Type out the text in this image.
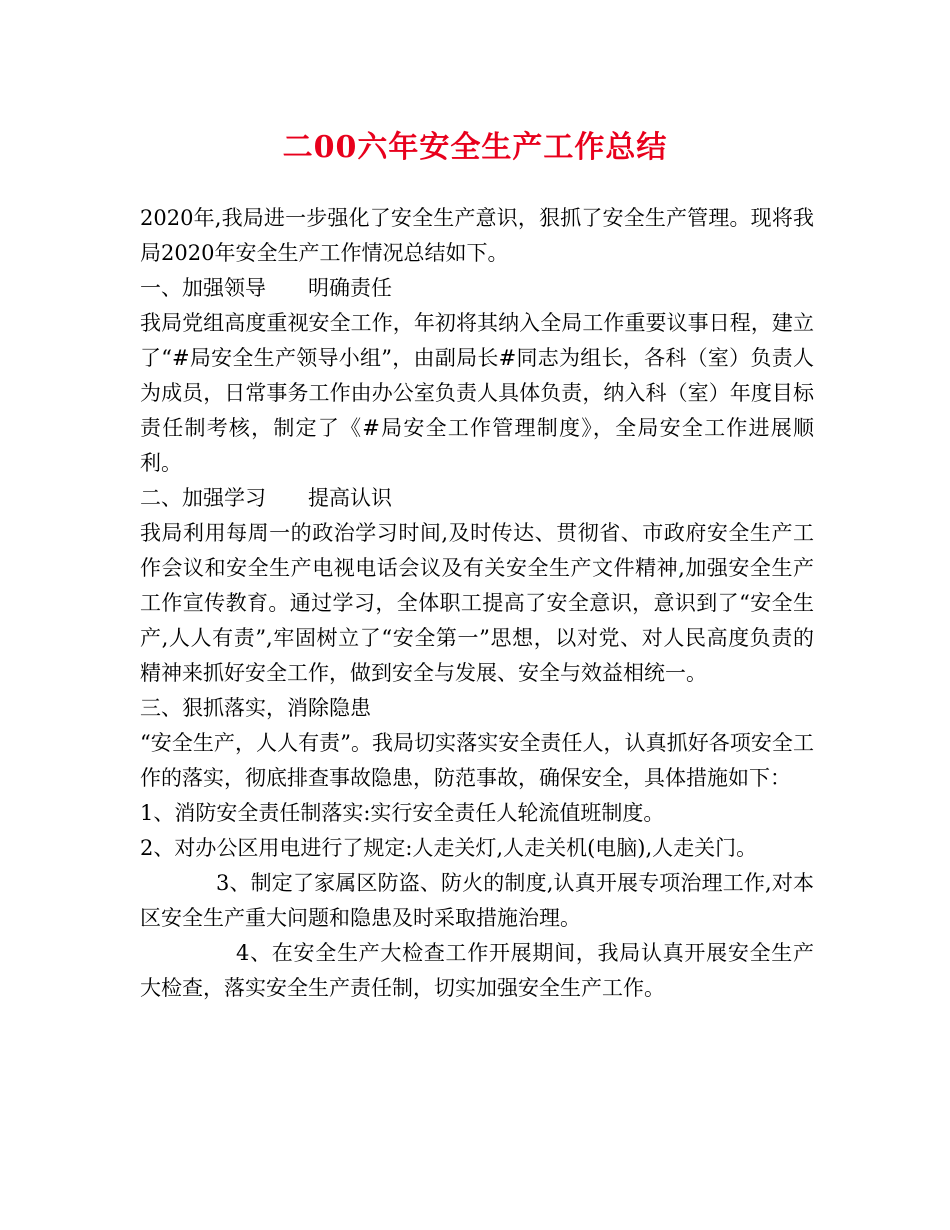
二00六年安全生产工作总结

2020年,我局进一步强化了安全生产意识，狠抓了安全生产管理。现将我局2020年安全生产工作情况总结如下。

一、加强领导　　明确责任

我局党组高度重视安全工作，年初将其纳入全局工作重要议事日程，建立了“#局安全生产领导小组”，由副局长#同志为组长，各科（室）负责人为成员，日常事务工作由办公室负责人具体负责，纳入科（室）年度目标责任制考核，制定了《#局安全工作管理制度》，全局安全工作进展顺利。

二、加强学习　　提高认识

我局利用每周一的政治学习时间,及时传达、贯彻省、市政府安全生产工作会议和安全生产电视电话会议及有关安全生产文件精神,加强安全生产工作宣传教育。通过学习，全体职工提高了安全意识，意识到了“安全生产,人人有责”,牢固树立了“安全第一”思想，以对党、对人民高度负责的精神来抓好安全工作，做到安全与发展、安全与效益相统一。

三、狠抓落实，消除隐患

“安全生产，人人有责”。我局切实落实安全责任人，认真抓好各项安全工作的落实，彻底排查事故隐患，防范事故，确保安全，具体措施如下：

1、消防安全责任制落实:实行安全责任人轮流值班制度。

2、对办公区用电进行了规定:人走关灯,人走关机(电脑),人走关门。

3、制定了家属区防盗、防火的制度,认真开展专项治理工作,对本区安全生产重大问题和隐患及时采取措施治理。

4、在安全生产大检查工作开展期间，我局认真开展安全生产大检查，落实安全生产责任制，切实加强安全生产工作。
